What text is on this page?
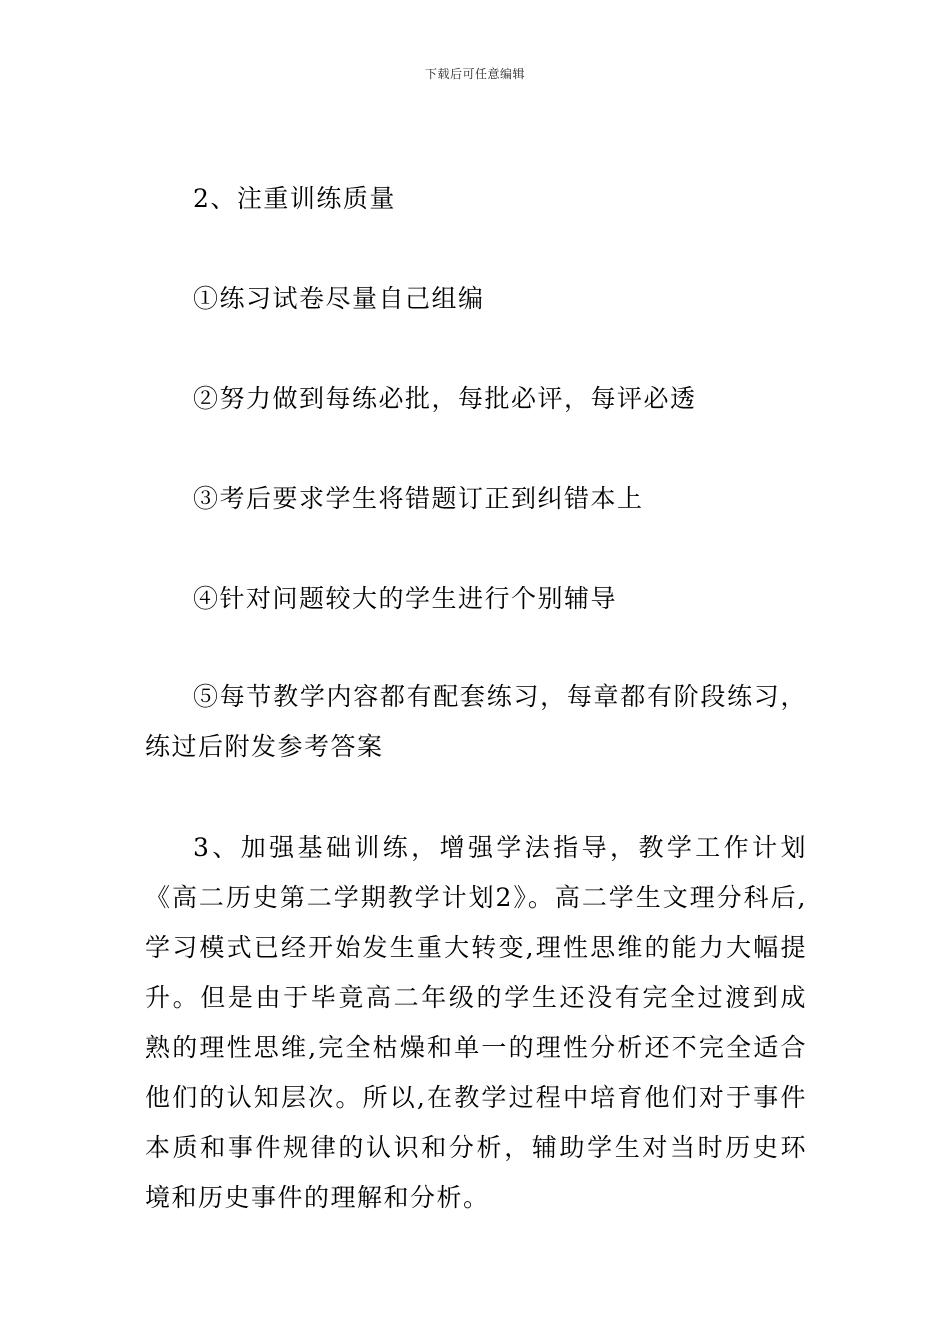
下载后可任意编辑
2、注重训练质量
①练习试卷尽量自己组编
②努力做到每练必批，每批必评，每评必透
③考后要求学生将错题订正到纠错本上
④针对问题较大的学生进行个别辅导
⑤每节教学内容都有配套练习，每章都有阶段练习，练过后附发参考答案
3、加强基础训练，增强学法指导，教学工作计划《高二历史第二学期教学计划2》。高二学生文理分科后,学习模式已经开始发生重大转变,理性思维的能力大幅提升。但是由于毕竟高二年级的学生还没有完全过渡到成熟的理性思维,完全枯燥和单一的理性分析还不完全适合他们的认知层次。所以,在教学过程中培育他们对于事件本质和事件规律的认识和分析，辅助学生对当时历史环境和历史事件的理解和分析。
